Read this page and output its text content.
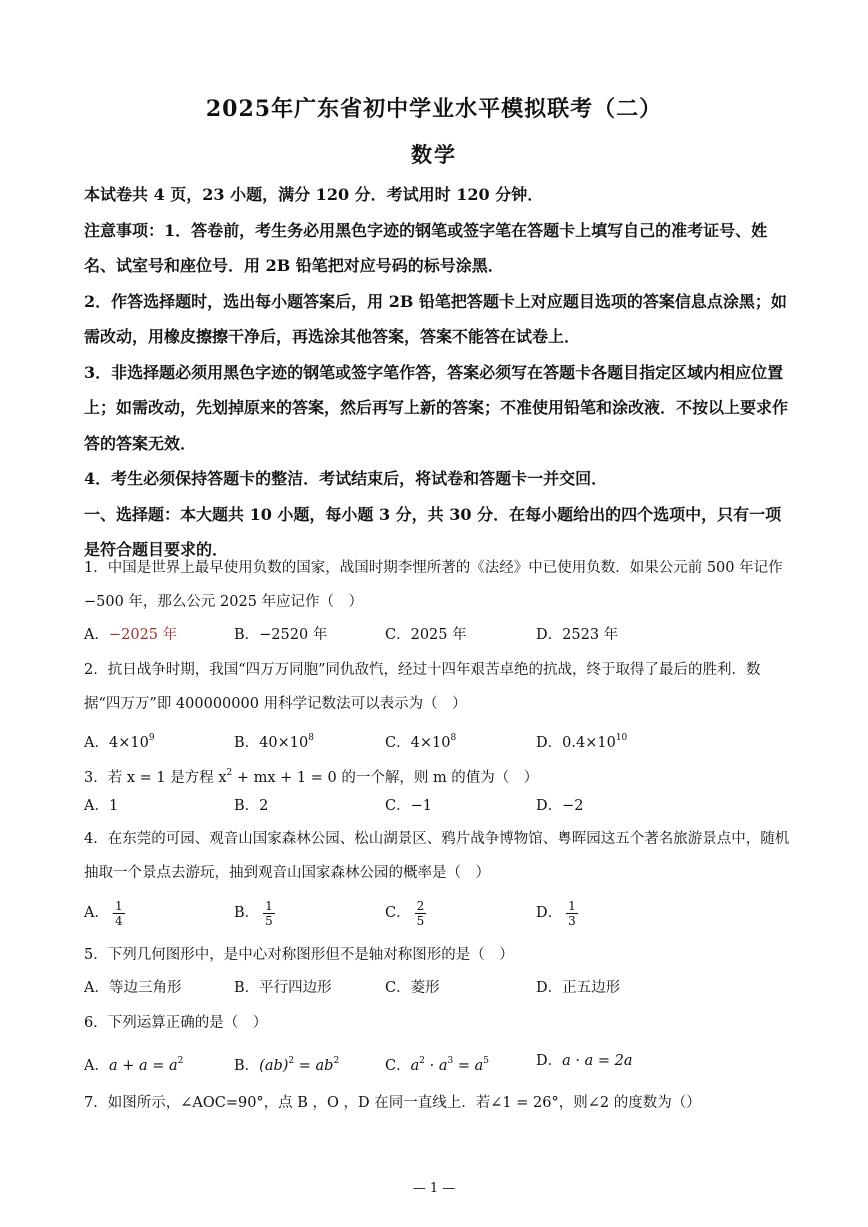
2025年广东省初中学业水平模拟联考（二）
数学

本试卷共 4 页，23 小题，满分 120 分．考试用时 120 分钟．

注意事项：1．答卷前，考生务必用黑色字迹的钢笔或签字笔在答题卡上填写自己的准考证号、姓名、试室号和座位号．用 2B 铅笔把对应号码的标号涂黑．

2．作答选择题时，选出每小题答案后，用 2B 铅笔把答题卡上对应题目选项的答案信息点涂黑；如需改动，用橡皮擦擦干净后，再选涂其他答案，答案不能答在试卷上．

3．非选择题必须用黑色字迹的钢笔或签字笔作答，答案必须写在答题卡各题目指定区域内相应位置上；如需改动，先划掉原来的答案，然后再写上新的答案；不准使用铅笔和涂改液．不按以上要求作答的答案无效．

4．考生必须保持答题卡的整洁．考试结束后，将试卷和答题卡一并交回．

一、选择题：本大题共 10 小题，每小题 3 分，共 30 分．在每小题给出的四个选项中，只有一项是符合题目要求的．

1．中国是世界上最早使用负数的国家，战国时期李悝所著的《法经》中已使用负数．如果公元前 500 年记作 −500 年，那么公元 2025 年应记作（　）

A．−2025 年	B．−2520 年	C．2025 年	D．2523 年

2．抗日战争时期，我国“四万万同胞”同仇敌忾，经过十四年艰苦卓绝的抗战，终于取得了最后的胜利．数据“四万万”即 400000000 用科学记数法可以表示为（　）

A．$4\times 10^9$	B．$40\times 10^8$	C．$4\times 10^8$	D．$0.4\times 10^{10}$

3．若 x = 1 是方程 $x^2$ + mx + 1 = 0 的一个解，则 m 的值为（　）

A．1	B．2	C．−1	D．−2

4．在东莞的可园、观音山国家森林公园、松山湖景区、鸦片战争博物馆、粤晖园这五个著名旅游景点中，随机抽取一个景点去游玩，抽到观音山国家森林公园的概率是（　）

A． $\frac{1}{4}$	B． $\frac{1}{5}$	C． $\frac{2}{5}$	D． $\frac{1}{3}$

5．下列几何图形中，是中心对称图形但不是轴对称图形的是（　）

A．等边三角形	B．平行四边形	C．菱形	D．正五边形

6．下列运算正确的是（　）

A．$a + a = a^2$	B．$(ab)^2 = ab^2$	C．$a^2 \cdot a^3 = a^5$	D．a · a = 2a

7．如图所示，∠AOC=90°，点 B ，O ，D 在同一直线上．若∠1 = 26°，则∠2 的度数为（）

— 1 —
